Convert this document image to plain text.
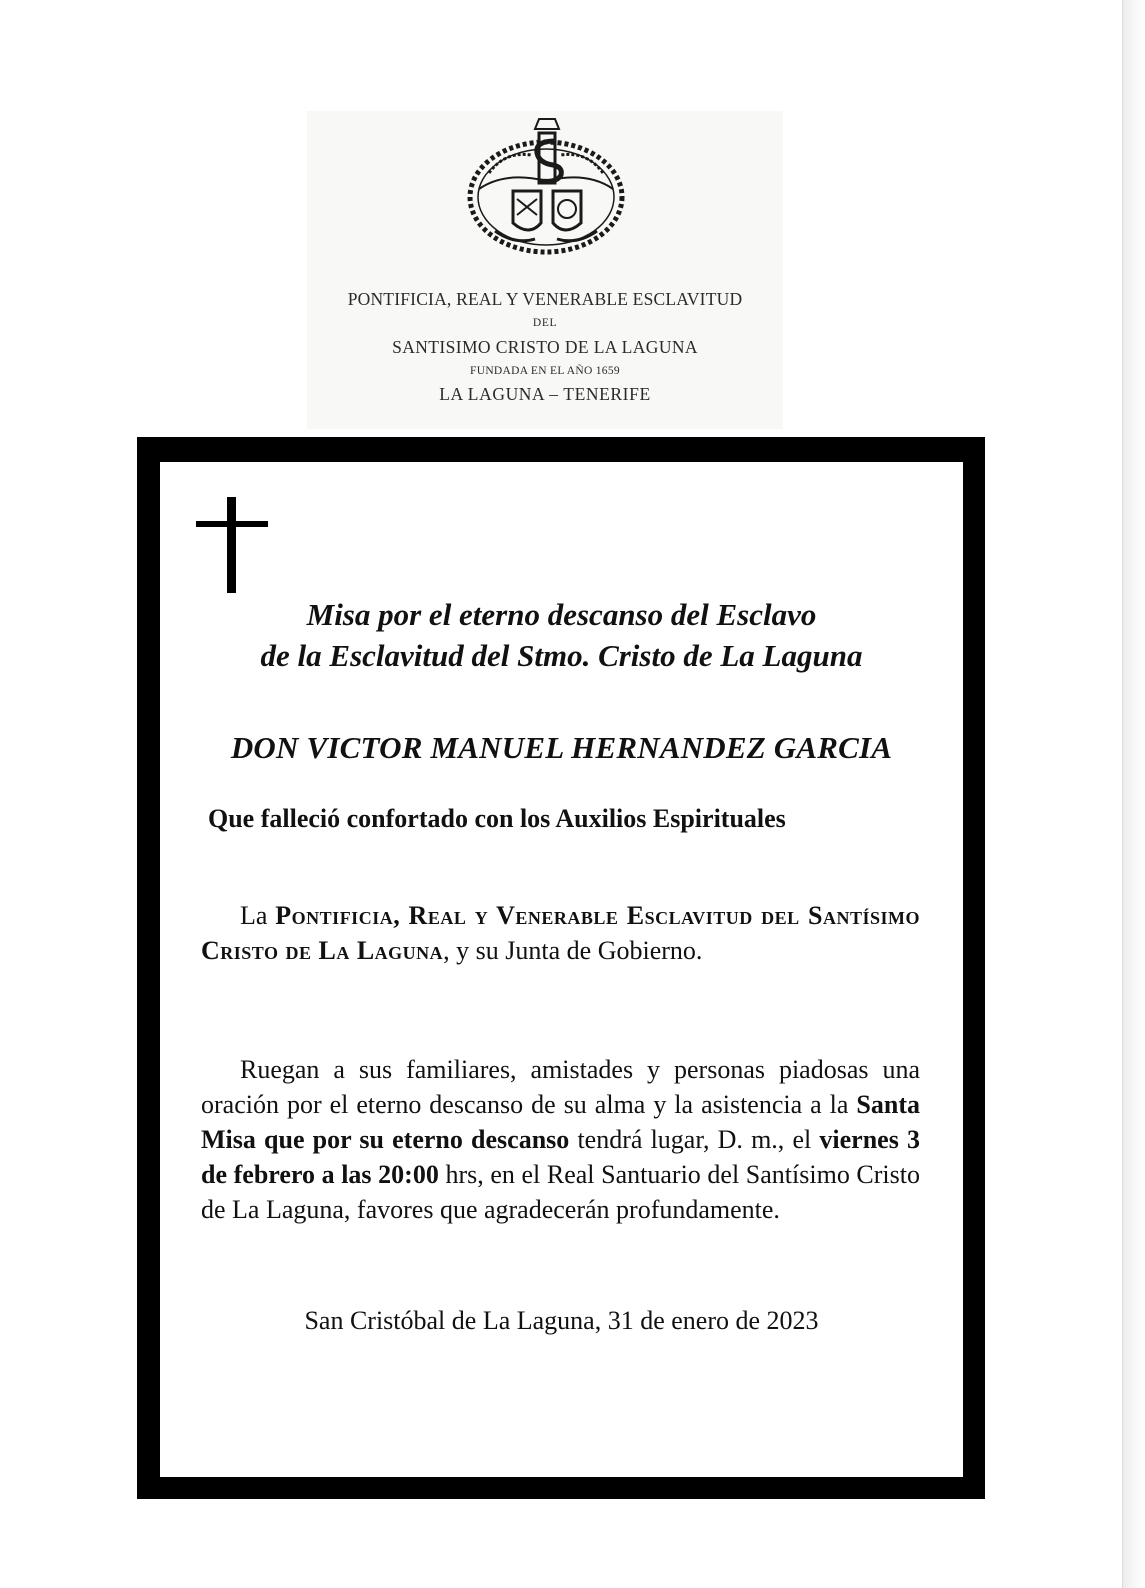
PONTIFICIA, REAL Y VENERABLE ESCLAVITUD
DEL
SANTISIMO CRISTO DE LA LAGUNA
FUNDADA EN EL AÑO 1659
LA LAGUNA – TENERIFE
Misa por el eterno descanso del Esclavo
de la Esclavitud del Stmo. Cristo de La Laguna
DON VICTOR MANUEL HERNANDEZ GARCIA
Que falleció confortado con los Auxilios Espirituales
  La Pontificia, Real y Venerable Esclavitud del Santísimo Cristo de La Laguna, y su Junta de Gobierno.
  Ruegan a sus familiares, amistades y personas piadosas una oración por el eterno descanso de su alma y la asistencia a la Santa Misa que por su eterno descanso tendrá lugar, D. m., el viernes 3 de febrero a las 20:00 hrs, en el Real Santuario del Santísimo Cristo de La Laguna, favores que agradecerán profundamente.
San Cristóbal de La Laguna, 31 de enero de 2023
